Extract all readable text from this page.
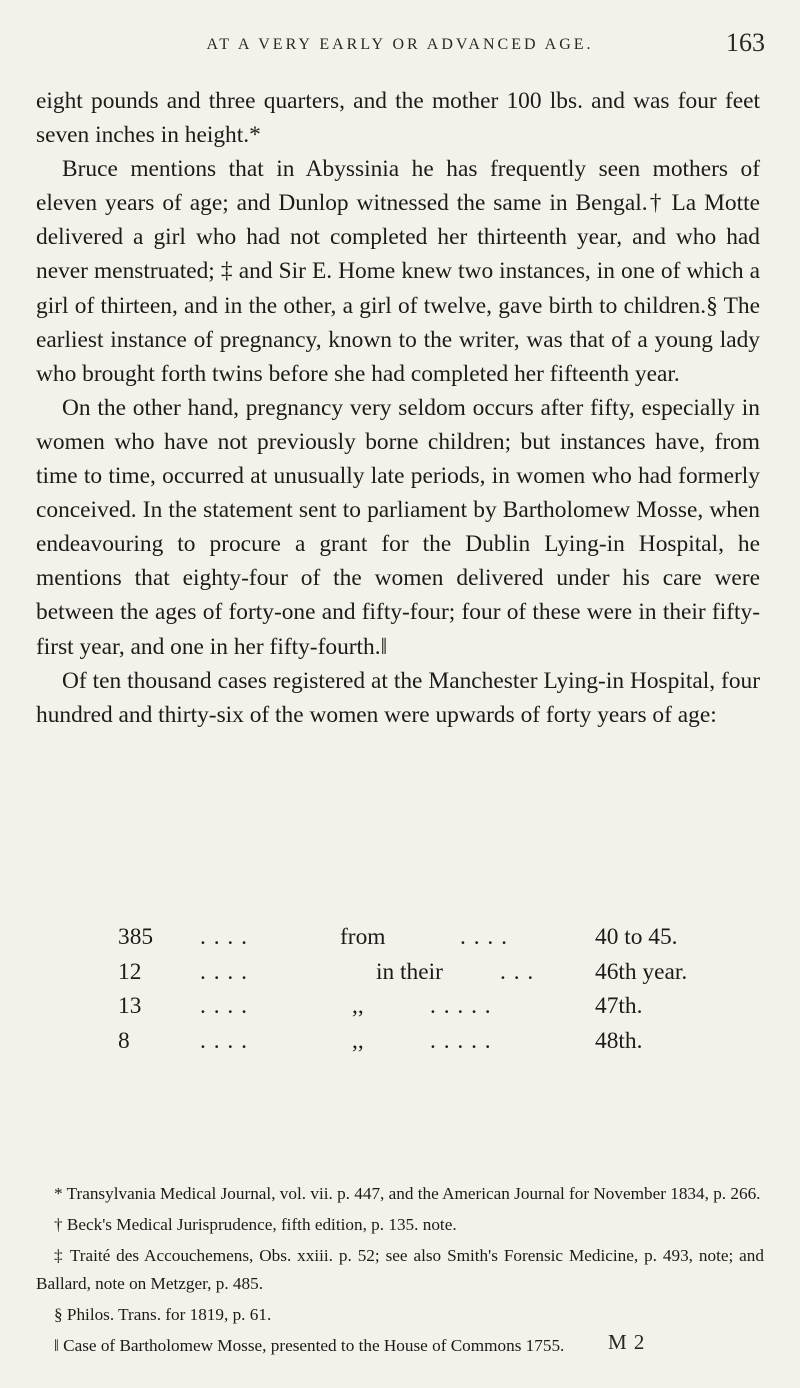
AT A VERY EARLY OR ADVANCED AGE.	163

eight pounds and three quarters, and the mother 100 lbs. and was four feet seven inches in height.*

Bruce mentions that in Abyssinia he has frequently seen mothers of eleven years of age; and Dunlop witnessed the same in Bengal.† La Motte delivered a girl who had not completed her thirteenth year, and who had never menstruated; ‡ and Sir E. Home knew two instances, in one of which a girl of thirteen, and in the other, a girl of twelve, gave birth to children.§ The earliest instance of pregnancy, known to the writer, was that of a young lady who brought forth twins before she had completed her fifteenth year.

On the other hand, pregnancy very seldom occurs after fifty, especially in women who have not previously borne children; but instances have, from time to time, occurred at unusually late periods, in women who had formerly conceived. In the statement sent to parliament by Bartholomew Mosse, when endeavouring to procure a grant for the Dublin Lying-in Hospital, he mentions that eighty-four of the women delivered under his care were between the ages of forty-one and fifty-four; four of these were in their fifty-first year, and one in her fifty-fourth.‖

Of ten thousand cases registered at the Manchester Lying-in Hospital, four hundred and thirty-six of the women were upwards of forty years of age:

385 . . . .	from	. . . .	40 to 45.
12	. . . .	in their . . .	46th year.
13	. . . .	,,	. . . . .	47th.
8	. . . .	,,	. . . . .	48th.

* Transylvania Medical Journal, vol. vii. p. 447, and the American Journal for November 1834, p. 266.

† Beck's Medical Jurisprudence, fifth edition, p. 135. note.

‡ Traité des Accouchemens, Obs. xxiii. p. 52; see also Smith's Forensic Medicine, p. 493, note; and Ballard, note on Metzger, p. 485.

§ Philos. Trans. for 1819, p. 61.

‖ Case of Bartholomew Mosse, presented to the House of Commons 1755.	M 2
